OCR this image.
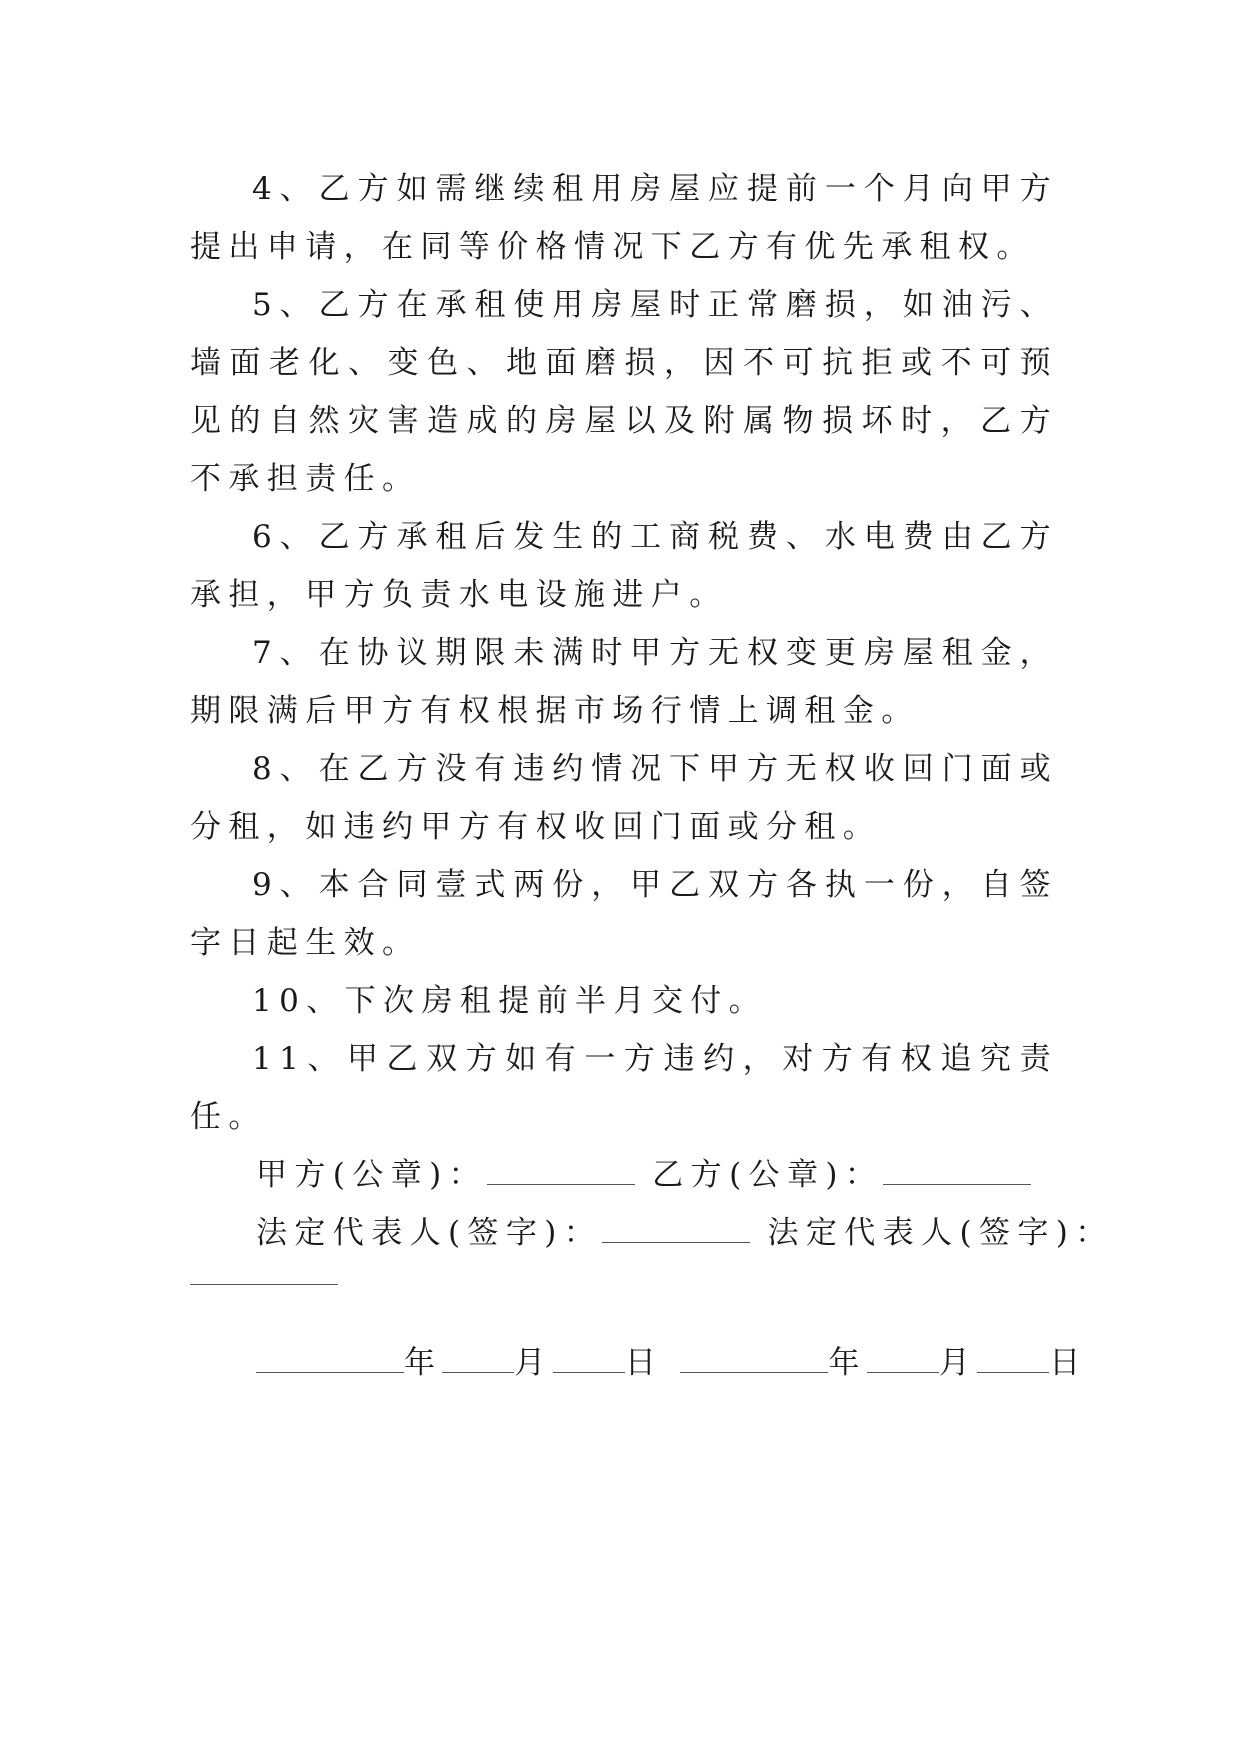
4、乙方如需继续租用房屋应提前一个月向甲方提出申请，在同等价格情况下乙方有优先承租权。

5、乙方在承租使用房屋时正常磨损，如油污、墙面老化、变色、地面磨损，因不可抗拒或不可预见的自然灾害造成的房屋以及附属物损坏时，乙方不承担责任。

6、乙方承租后发生的工商税费、水电费由乙方承担，甲方负责水电设施进户。

7、在协议期限未满时甲方无权变更房屋租金，期限满后甲方有权根据市场行情上调租金。

8、在乙方没有违约情况下甲方无权收回门面或分租，如违约甲方有权收回门面或分租。

9、本合同壹式两份，甲乙双方各执一份，自签字日起生效。

10、下次房租提前半月交付。

11、甲乙双方如有一方违约，对方有权追究责任。

甲方(公章)：	乙方(公章)：

法定代表人(签字)：	法定代表人(签字)：

年 月 日	年 月 日
